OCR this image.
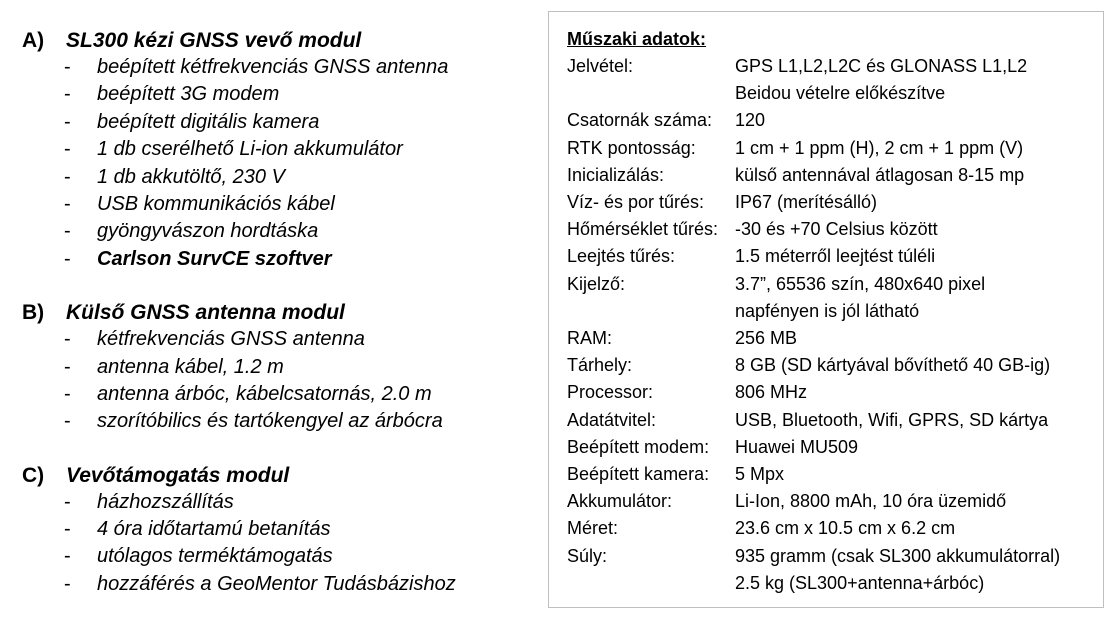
A)	SL300 kézi GNSS vevő modul
-	beépített kétfrekvenciás GNSS antenna
-	beépített 3G modem
-	beépített digitális kamera
-	1 db cserélhető Li-ion akkumulátor
-	1 db akkutöltő, 230 V
-	USB kommunikációs kábel
-	gyöngyvászon hordtáska
-	Carlson SurvCE szoftver
B)	Külső GNSS antenna modul
-	kétfrekvenciás GNSS antenna
-	antenna kábel, 1.2 m
-	antenna árbóc, kábelcsatornás, 2.0 m
-	szorítóbilics és tartókengyel az árbócra
C)	Vevőtámogatás modul
-	házhozszállítás
-	4 óra időtartamú betanítás
-	utólagos terméktámogatás
-	hozzáférés a GeoMentor Tudásbázishoz
Műszaki adatok:
Jelvétel:	GPS L1,L2,L2C és GLONASS L1,L2
Beidou vételre előkészítve

Csatornák száma:	120

RTK pontosság:	1 cm + 1 ppm (H), 2 cm + 1 ppm (V)

Inicializálás:	külső antennával átlagosan 8-15 mp

Víz- és por tűrés:	IP67 (merítésálló)

Hőmérséklet tűrés:	-30 és +70 Celsius között

Leejtés tűrés:	1.5 méterről leejtést túléli

Kijelző:	3.7”, 65536 szín, 480x640 pixel
napfényen is jól látható

RAM:	256 MB

Tárhely:	8 GB (SD kártyával bővíthető 40 GB-ig)

Processor:	806 MHz

Adatátvitel:	USB, Bluetooth, Wifi, GPRS, SD kártya

Beépített modem:	Huawei MU509

Beépített kamera:	5 Mpx

Akkumulátor:	Li-Ion, 8800 mAh, 10 óra üzemidő

Méret:	23.6 cm x 10.5 cm x 6.2 cm

Súly:	935 gramm (csak SL300 akkumulátorral)
2.5 kg (SL300+antenna+árbóc)
